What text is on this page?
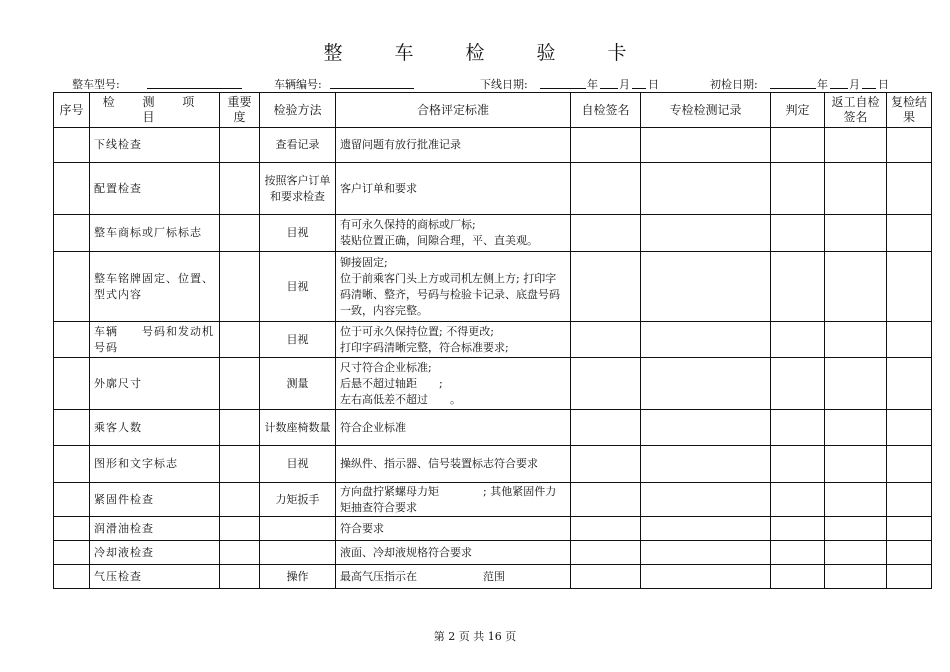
整车检验卡
整车型号:	车辆编号:	下线日期:	年 月 日	初检日期:	年 月 日
序号	检 测 项 目	重要度	检验方法	合格评定标准	自检签名	专检检测记录	判定	返工自检签名	复检结果
	下线检查		查看记录	遗留问题有放行批准记录					

	配置检查		按照客户订单和要求检查	客户订单和要求					

	整车商标或厂标标志		目视	有可永久保持的商标或厂标;
装贴位置正确，间隙合理，平、直美观。					

	整车铭牌固定、位置、型式内容		目视	铆接固定;
位于前乘客门头上方或司机左侧上方; 打印字码清晰、整齐，号码与检验卡记录、底盘号码一致，内容完整。					

	车辆　　号码和发动机号码		目视	位于可永久保持位置; 不得更改;
打印字码清晰完整，符合标准要求;					

	外廓尺寸		测量	尺寸符合企业标准;
后悬不超过轴距　　;
左右高低差不超过　　。					

	乘客人数		计数座椅数量	符合企业标准					

	图形和文字标志		目视	操纵件、指示器、信号装置标志符合要求					

	紧固件检查		力矩扳手	方向盘拧紧螺母力矩　　　　; 其他紧固件力矩抽查符合要求					

	润滑油检查			符合要求					

	冷却液检查			液面、冷却液规格符合要求					

	气压检查		操作	最高气压指示在　　　　　　范围					

第 2 页 共 16 页
